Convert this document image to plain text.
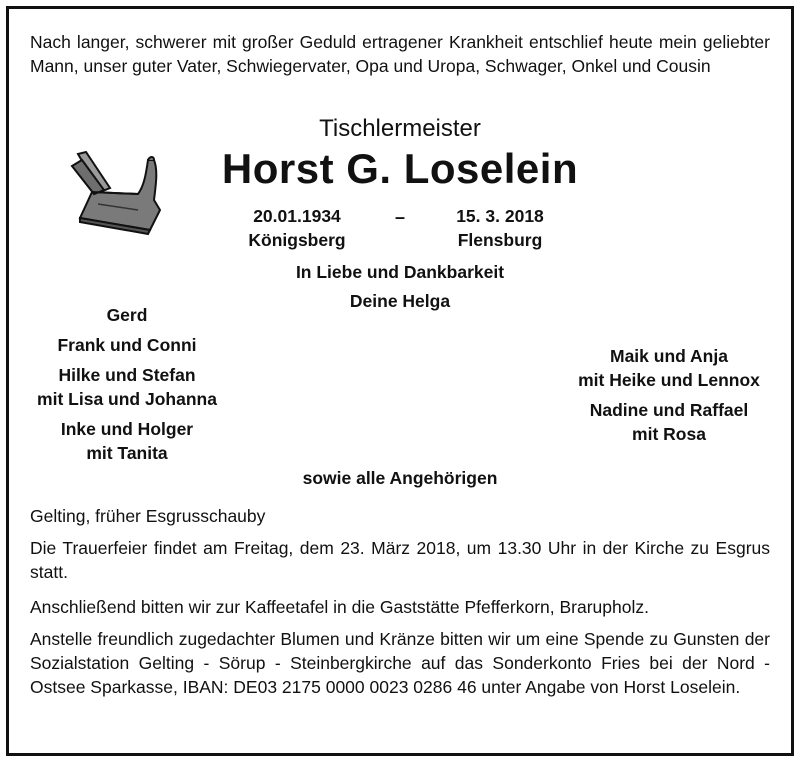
Nach langer, schwerer mit großer Geduld ertragener Krankheit entschlief heute mein geliebter Mann, unser guter Vater, Schwiegervater, Opa und Uropa, Schwager, Onkel und Cousin
Tischlermeister
Horst G. Loselein
20.01.1934
Königsberg
–	15. 3. 2018
Flensburg
In Liebe und Dankbarkeit
Deine Helga
Gerd
Frank und Conni
Hilke und Stefan
mit Lisa und Johanna
Inke und Holger
mit Tanita
Maik und Anja
mit Heike und Lennox
Nadine und Raffael
mit Rosa
sowie alle Angehörigen
Gelting, früher Esgrusschauby
Die Trauerfeier findet am Freitag, dem 23. März 2018, um 13.30 Uhr in der Kirche zu Esgrus statt.
Anschließend bitten wir zur Kaffeetafel in die Gaststätte Pfefferkorn, Brarupholz.
Anstelle freundlich zugedachter Blumen und Kränze bitten wir um eine Spende zu Gunsten der Sozialstation Gelting - Sörup - Steinbergkirche auf das Sonderkonto Fries bei der Nord - Ostsee Sparkasse, IBAN: DE03 2175 0000 0023 0286 46 unter Angabe von Horst Loselein.
